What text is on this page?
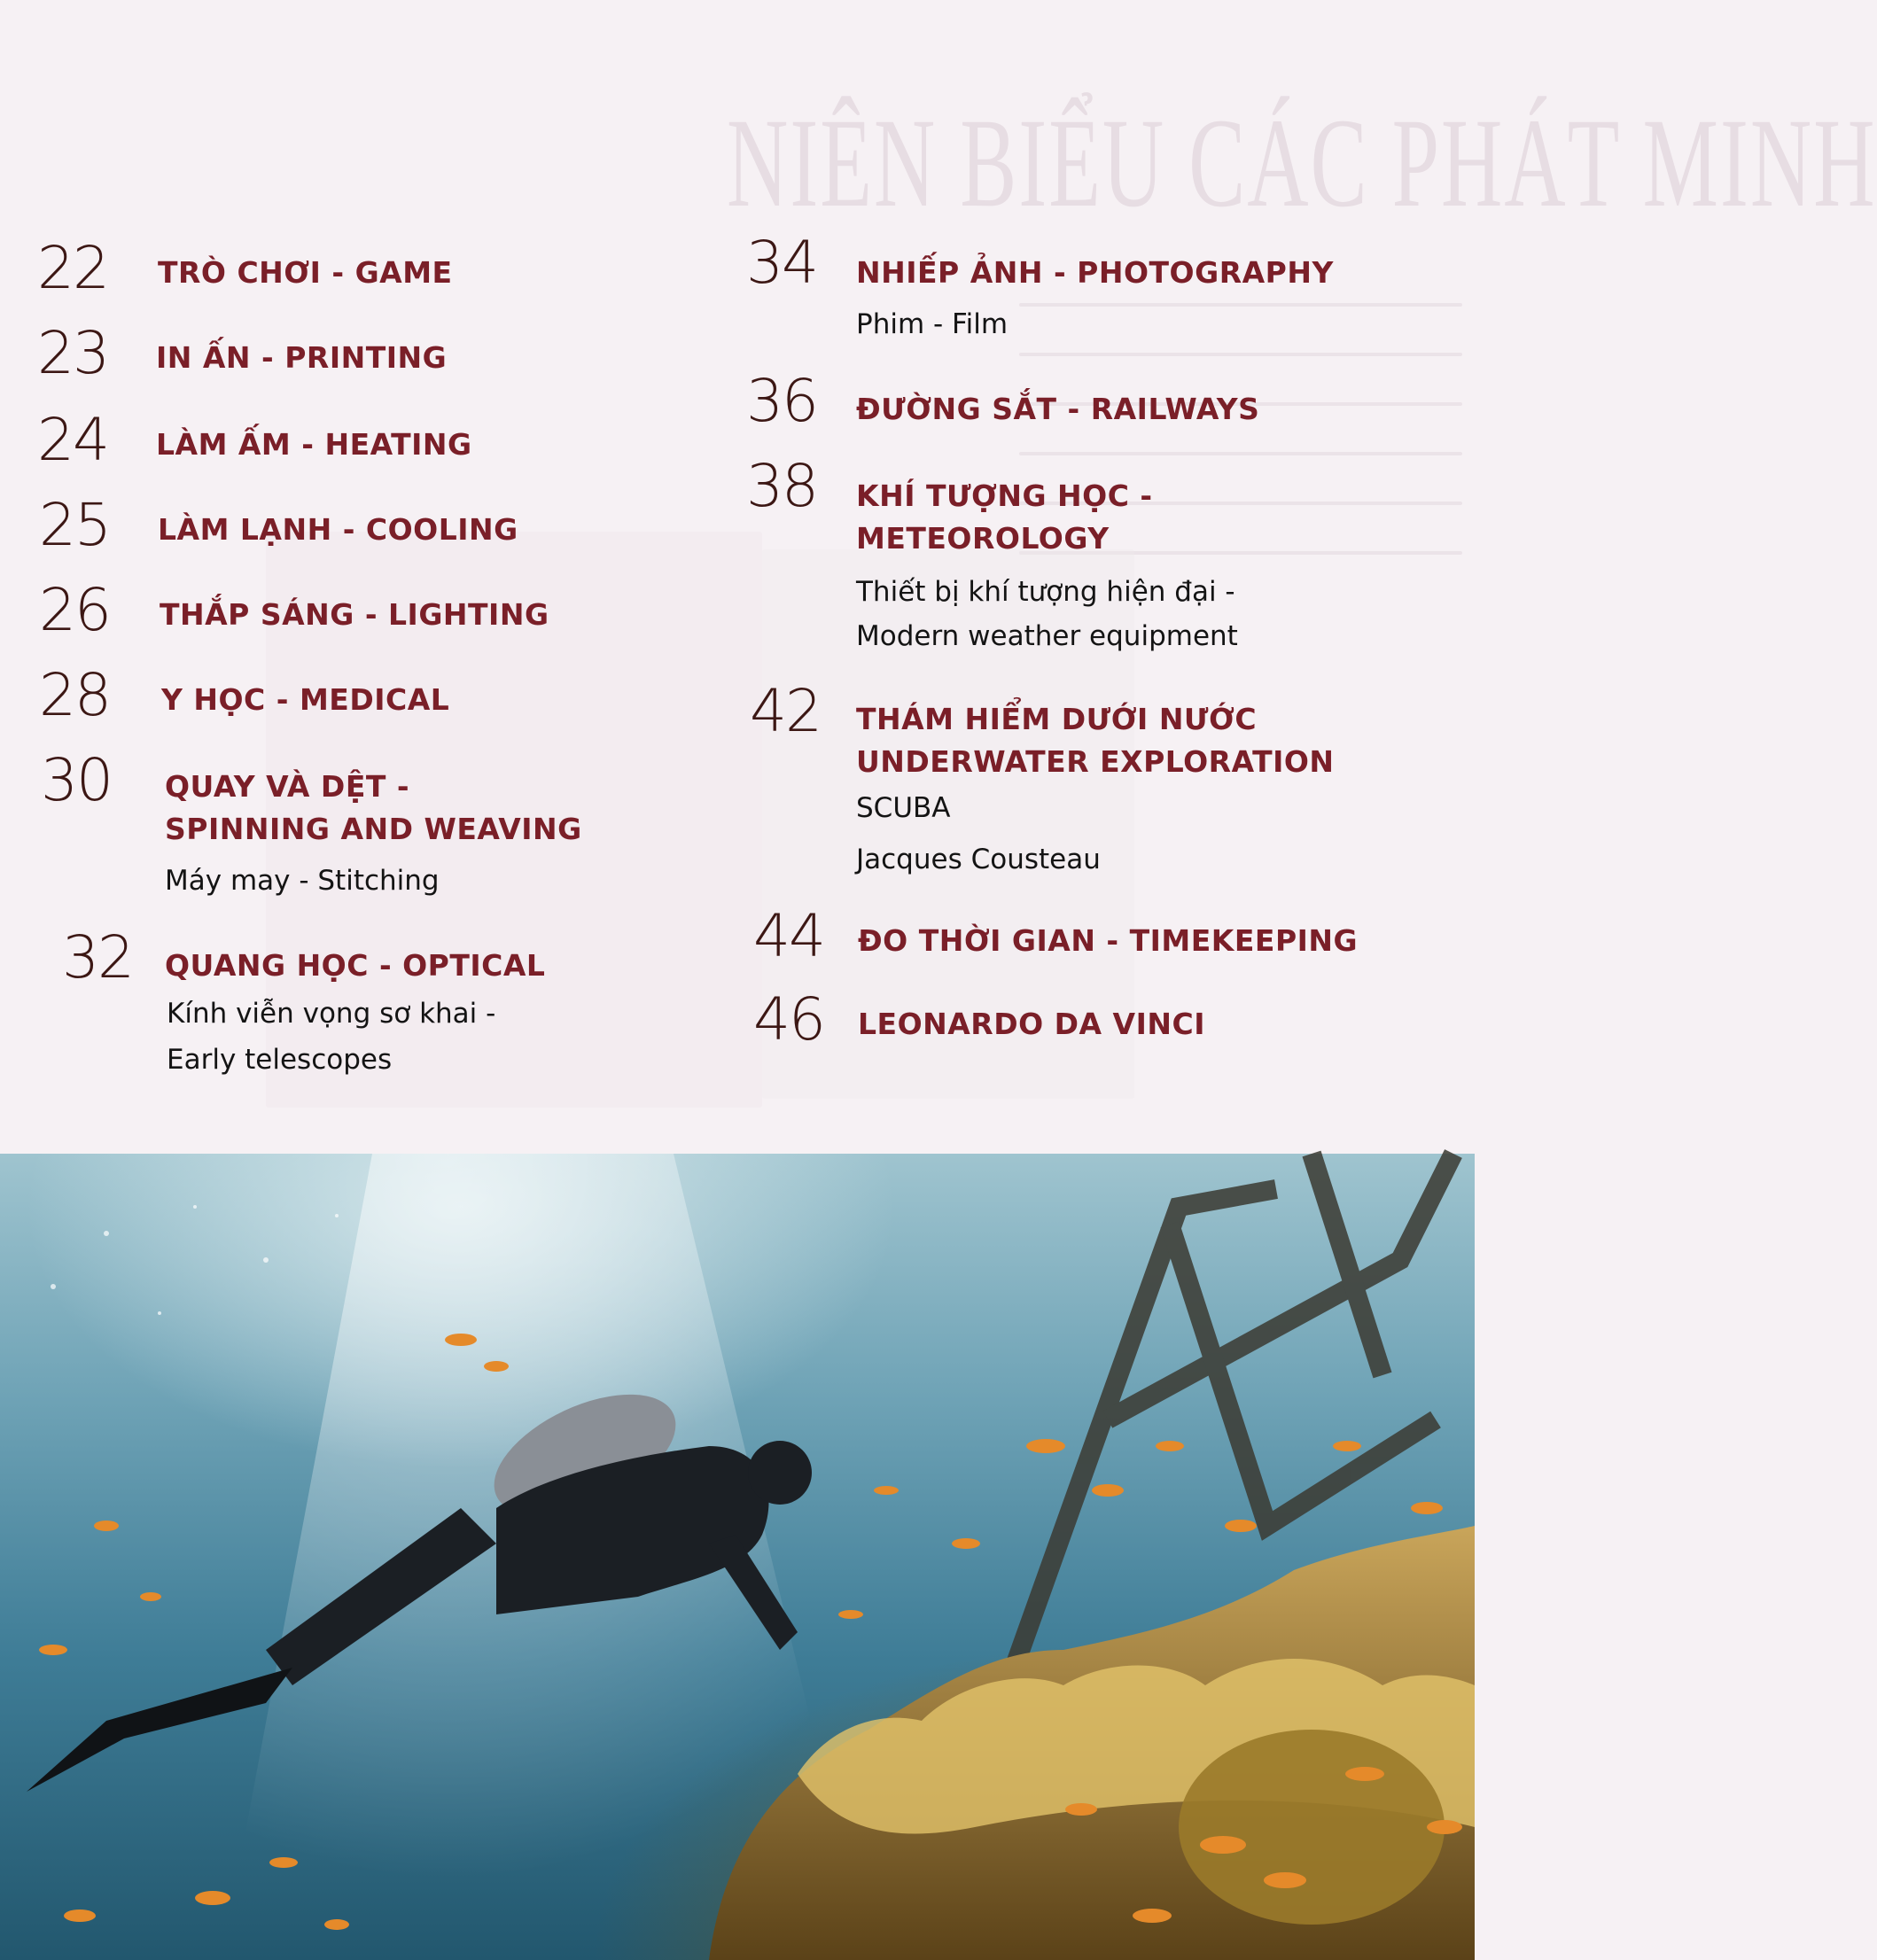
NIÊN BIỂU CÁC PHÁT MINH
22 TRÒ CHƠI - GAME
23 IN ẤN - PRINTING
24 LÀM ẤM - HEATING
25 LÀM LẠNH - COOLING
26 THẮP SÁNG - LIGHTING
28 Y HỌC - MEDICAL
30 QUAY VÀ DỆT -
SPINNING AND WEAVING
Máy may - Stitching
32 QUANG HỌC - OPTICAL
Kính viễn vọng sơ khai -
Early telescopes
34 NHIẾP ẢNH - PHOTOGRAPHY
Phim - Film
36 ĐƯỜNG SẮT - RAILWAYS
38 KHÍ TƯỢNG HỌC -
METEOROLOGY
Thiết bị khí tượng hiện đại -
Modern weather equipment
42 THÁM HIỂM DƯỚI NƯỚC
UNDERWATER EXPLORATION
SCUBA
Jacques Cousteau
44 ĐO THỜI GIAN - TIMEKEEPING
46 LEONARDO DA VINCI
